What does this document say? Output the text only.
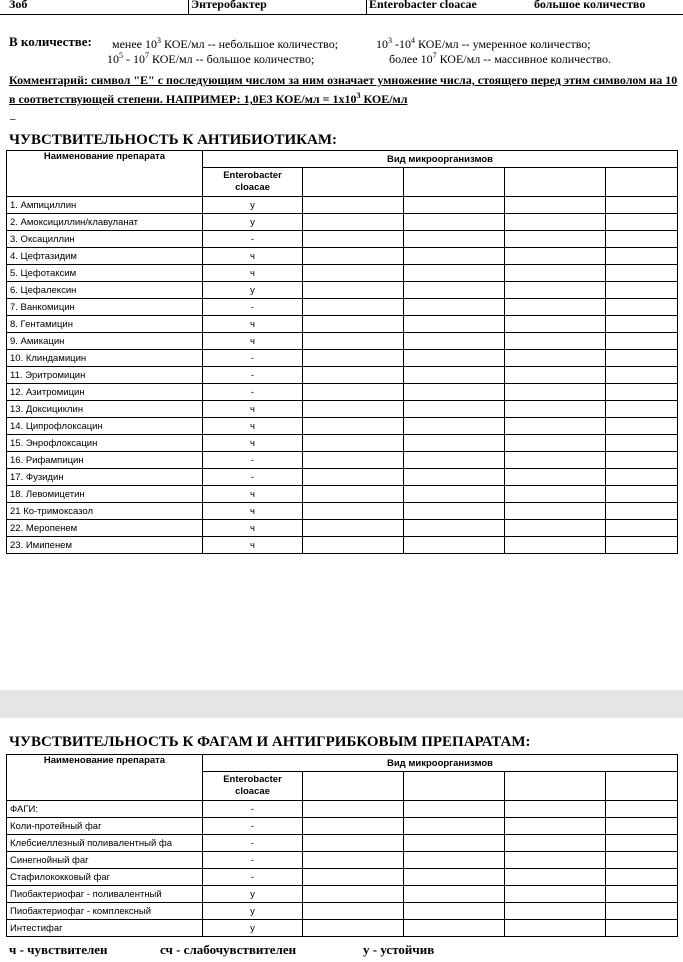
Зоб	Энтеробактер	Enterobacter cloacae	большое количество
В количестве: менее $10^3$ КОЕ/мл -- небольшое количество;	$10^3$ $-10^4$ КОЕ/мл -- умеренное количество;
$10^5 - 10^7$ КОЕ/мл -- большое количество;	более $10^7$ КОЕ/мл -- массивное количество.
Комментарий: символ "Е" с последующим числом за ним означает умножение числа, стоящего перед этим символом на 10 в соответствующей степени. НАПРИМЕР: 1,0Е3 $КОЕ/мл = 1х10^3$ КОЕ/мл
–
ЧУВСТВИТЕЛЬНОСТЬ К АНТИБИОТИКАМ:
Наименование препарата	Вид микроорганизмов				
	Enterobacter
cloacae				
1. Ампициллин	у				
2. Амоксициллин/клавуланат	у				
3. Оксациллин	-				
4. Цефтазидим	ч				
5. Цефотаксим	ч				
6. Цефалексин	у				
7. Ванкомицин	-				
8. Гентамицин	ч				
9. Амикацин	ч				
10. Клиндамицин	-				
11. Эритромицин	-				
12. Азитромицин	-				
13. Доксициклин	ч				
14. Ципрофлоксацин	ч				
15. Энрофлоксацин	ч				
16. Рифампицин	-				
17. Фузидин	-				
18. Левомицетин	ч				
21 Ко-тримоксазол	ч				
22. Меропенем	ч				
23. Имипенем	ч				
ЧУВСТВИТЕЛЬНОСТЬ К ФАГАМ И АНТИГРИБКОВЫМ ПРЕПАРАТАМ:
Наименование препарата	Вид микроорганизмов				
	Enterobacter
cloacae				
ФАГИ:	-				
Коли-протейный фаг	-				
Клебсиеллезный поливалентный фа	-				
Синегнойный фаг	-				
Стафилококковый фаг	-				
Пиобактериофаг - поливалентный	у				
Пиобактериофаг - комплексный	у				
Интестифаг	у				
ч - чувствителен	сч - слабочувствителен	у - устойчив
